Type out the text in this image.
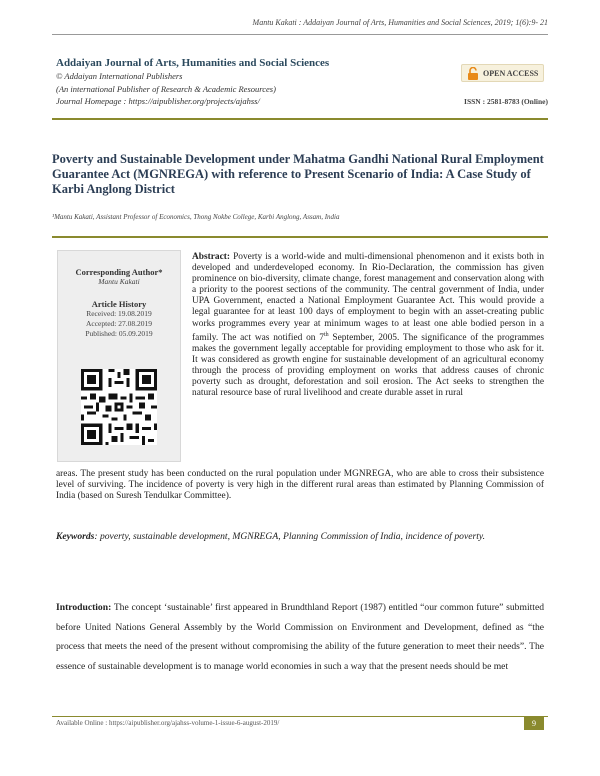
Mantu Kakati : Addaiyan Journal of Arts, Humanities and Social Sciences, 2019; 1(6):9- 21
Addaiyan Journal of Arts, Humanities and Social Sciences
© Addaiyan International Publishers
(An international Publisher of Research & Academic Resources)
Journal Homepage : https://aipublisher.org/projects/ajahss/
OPEN ACCESS
ISSN : 2581-8783 (Online)
Poverty and Sustainable Development under Mahatma Gandhi National Rural Employment Guarantee Act (MGNREGA) with reference to Present Scenario of India: A Case Study of Karbi Anglong District
¹Mantu Kakati, Assistant Professor of Economics, Thong Nokbe College, Karbi Anglong, Assam, India
Corresponding Author*
Mantu Kakati
Article History
Received: 19.08.2019
Accepted: 27.08.2019
Published: 05.09.2019
Abstract: Poverty is a world-wide and multi-dimensional phenomenon and it exists both in developed and underdeveloped economy. In Rio-Declaration, the commission has given prominence on bio-diversity, climate change, forest management and conservation along with a priority to the poorest sections of the community. The central government of India, under UPA Government, enacted a National Employment Guarantee Act. This would provide a legal guarantee for at least 100 days of employment to begin with an asset-creating public works programmes every year at minimum wages to at least one able bodied person in a family. The act was notified on 7th September, 2005. The significance of the programmes makes the government legally acceptable for providing employment to those who ask for it. It was considered as growth engine for sustainable development of an agricultural economy through the process of providing employment on works that address causes of chronic poverty such as drought, deforestation and soil erosion. The Act seeks to strengthen the natural resource base of rural livelihood and create durable asset in rural
areas. The present study has been conducted on the rural population under MGNREGA, who are able to cross their subsistence level of surviving. The incidence of poverty is very high in the different rural areas than estimated by Planning Commission of India (based on Suresh Tendulkar Committee).
Keywords: poverty, sustainable development, MGNREGA, Planning Commission of India, incidence of poverty.
Introduction: The concept ‘sustainable’ first appeared in Brundthland Report (1987) entitled “our common future” submitted before United Nations General Assembly by the World Commission on Environment and Development, defined as “the process that meets the need of the present without compromising the ability of the future generation to meet their needs”. The essence of sustainable development is to manage world economies in such a way that the present needs should be met
Available Online : https://aipublisher.org/ajahss-volume-1-issue-6-august-2019/	9
